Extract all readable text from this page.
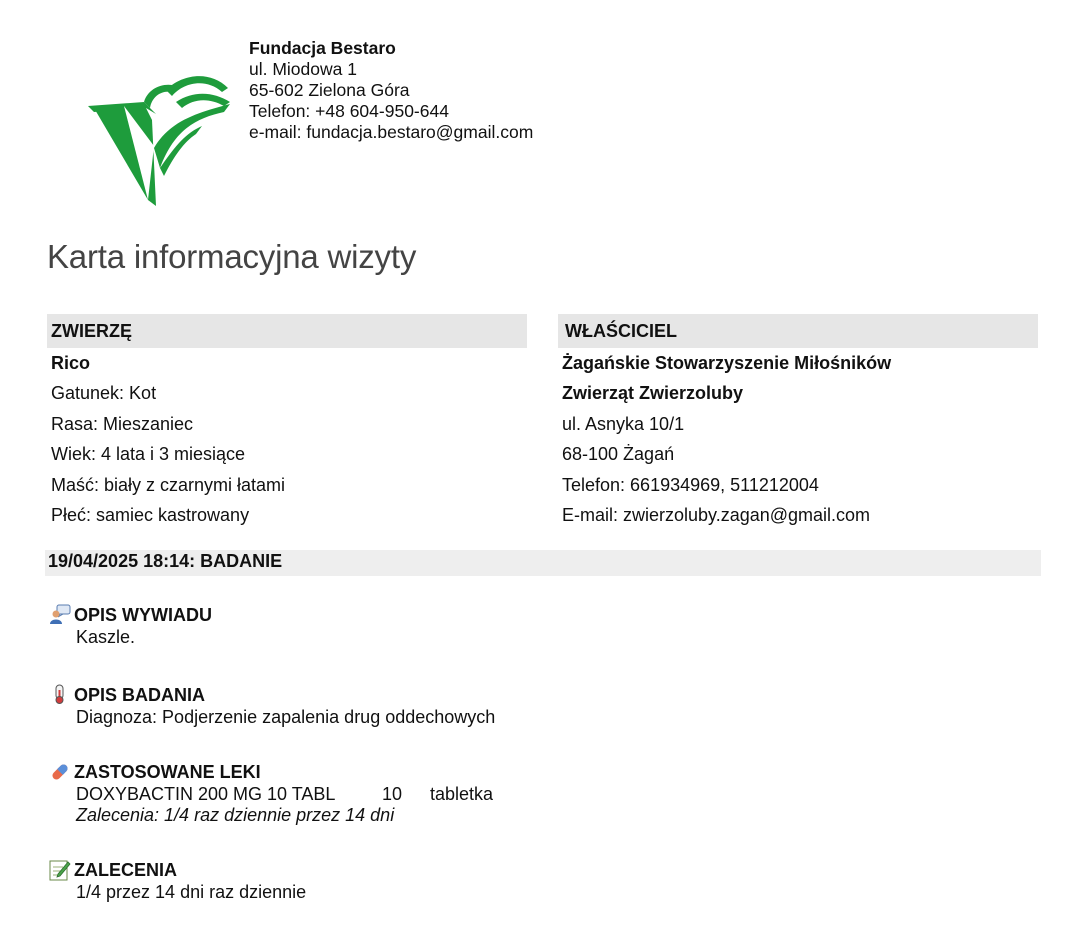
Fundacja Bestaro
ul. Miodowa 1
65-602 Zielona Góra
Telefon: +48 604-950-644
e-mail: fundacja.bestaro@gmail.com
Karta informacyjna wizyty
ZWIERZĘ
Rico
Gatunek: Kot
Rasa: Mieszaniec
Wiek: 4 lata i 3 miesiące
Maść: biały z czarnymi łatami
Płeć: samiec kastrowany
WŁAŚCICIEL
Żagańskie Stowarzyszenie Miłośników
Zwierząt Zwierzoluby
ul. Asnyka 10/1
68-100 Żagań
Telefon: 661934969, 511212004
E-mail: zwierzoluby.zagan@gmail.com
19/04/2025 18:14: BADANIE
OPIS WYWIADU
Kaszle.
OPIS BADANIA
Diagnoza: Podjerzenie zapalenia drug oddechowych
ZASTOSOWANE LEKI
DOXYBACTIN 200 MG 10 TABL	10	tabletka
Zalecenia: 1/4 raz dziennie przez 14 dni
ZALECENIA
1/4 przez 14 dni raz dziennie
